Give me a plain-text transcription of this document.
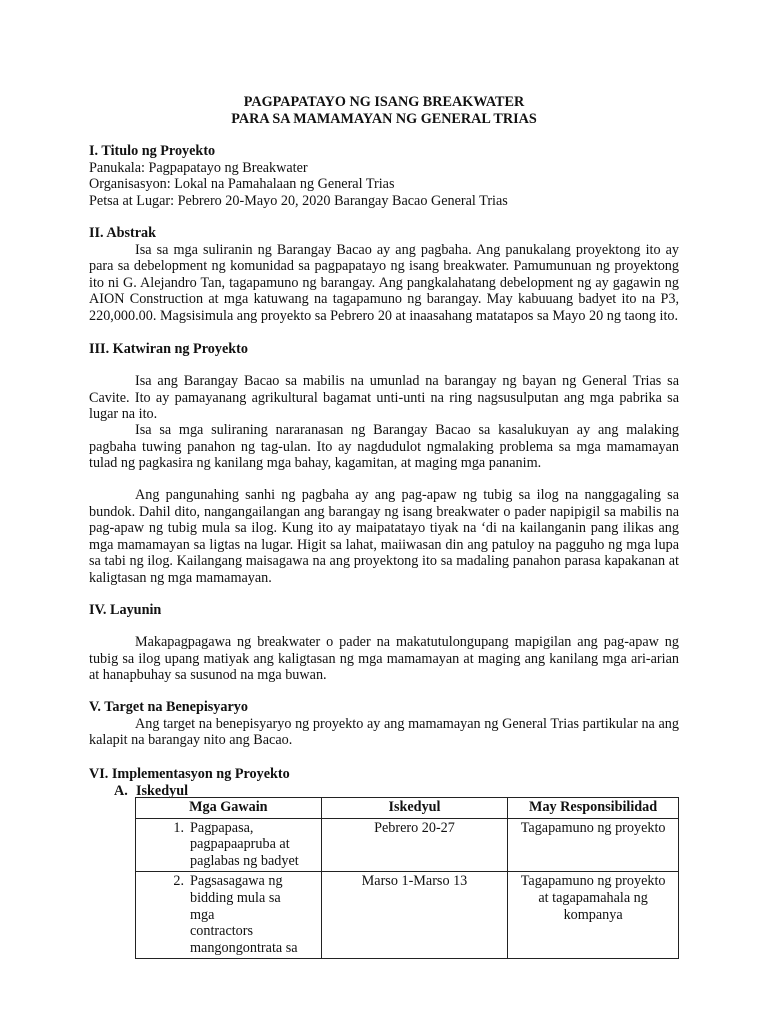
PAGPAPATAYO NG ISANG BREAKWATER
PARA SA MAMAMAYAN NG GENERAL TRIAS

I. Titulo ng Proyekto

Panukala: Pagpapatayo ng Breakwater

Organisasyon: Lokal na Pamahalaan ng General Trias

Petsa at Lugar: Pebrero 20-Mayo 20, 2020 Barangay Bacao General Trias

II. Abstrak

Isa sa mga suliranin ng Barangay Bacao ay ang pagbaha. Ang panukalang proyektong ito ay para sa debelopment ng komunidad sa pagpapatayo ng isang breakwater. Pamumunuan ng proyektong ito ni G. Alejandro Tan, tagapamuno ng barangay. Ang pangkalahatang debelopment ng ay gagawin ng AION Construction at mga katuwang na tagapamuno ng barangay. May kabuuang badyet ito na P3, 220,000.00. Magsisimula ang proyekto sa Pebrero 20 at inaasahang matatapos sa Mayo 20 ng taong ito.

III. Katwiran ng Proyekto

Isa ang Barangay Bacao sa mabilis na umunlad na barangay ng bayan ng General Trias sa Cavite. Ito ay pamayanang agrikultural bagamat unti-unti na ring nagsusulputan ang mga pabrika sa lugar na ito.

Isa sa mga suliraning nararanasan ng Barangay Bacao sa kasalukuyan ay ang malaking pagbaha tuwing panahon ng tag-ulan. Ito ay nagdudulot ngmalaking problema sa mga mamamayan tulad ng pagkasira ng kanilang mga bahay, kagamitan, at maging mga pananim.

Ang pangunahing sanhi ng pagbaha ay ang pag-apaw ng tubig sa ilog na nanggagaling sa bundok. Dahil dito, nangangailangan ang barangay ng isang breakwater o pader napipigil sa mabilis na pag-apaw ng tubig mula sa ilog. Kung ito ay maipatatayo tiyak na ‘di na kailanganin pang ilikas ang mga mamamayan sa ligtas na lugar. Higit sa lahat, maiiwasan din ang patuloy na pagguho ng mga lupa sa tabi ng ilog. Kailangang maisagawa na ang proyektong ito sa madaling panahon parasa kapakanan at kaligtasan ng mga mamamayan.

IV. Layunin

Makapagpagawa ng breakwater o pader na makatutulongupang mapigilan ang pag-apaw ng tubig sa ilog upang matiyak ang kaligtasan ng mga mamamayan at maging ang kanilang mga ari-arian at hanapbuhay sa susunod na mga buwan.

V. Target na Benepisyaryo

Ang target na benepisyaryo ng proyekto ay ang mamamayan ng General Trias partikular na ang kalapit na barangay nito ang Bacao.

VI. Implementasyon ng Proyekto

A. Iskedyul

Mga Gawain	Iskedyul	May Responsibilidad
1. Pagpapasa,
pagpapaapruba at
paglabas ng badyet	Pebrero 20-27	Tagapamuno ng proyekto

2. Pagsasagawa ng
bidding mula sa mga
contractors
mangongontrata sa	Marso 1-Marso 13	Tagapamuno ng proyekto
at tagapamahala ng
kompanya
